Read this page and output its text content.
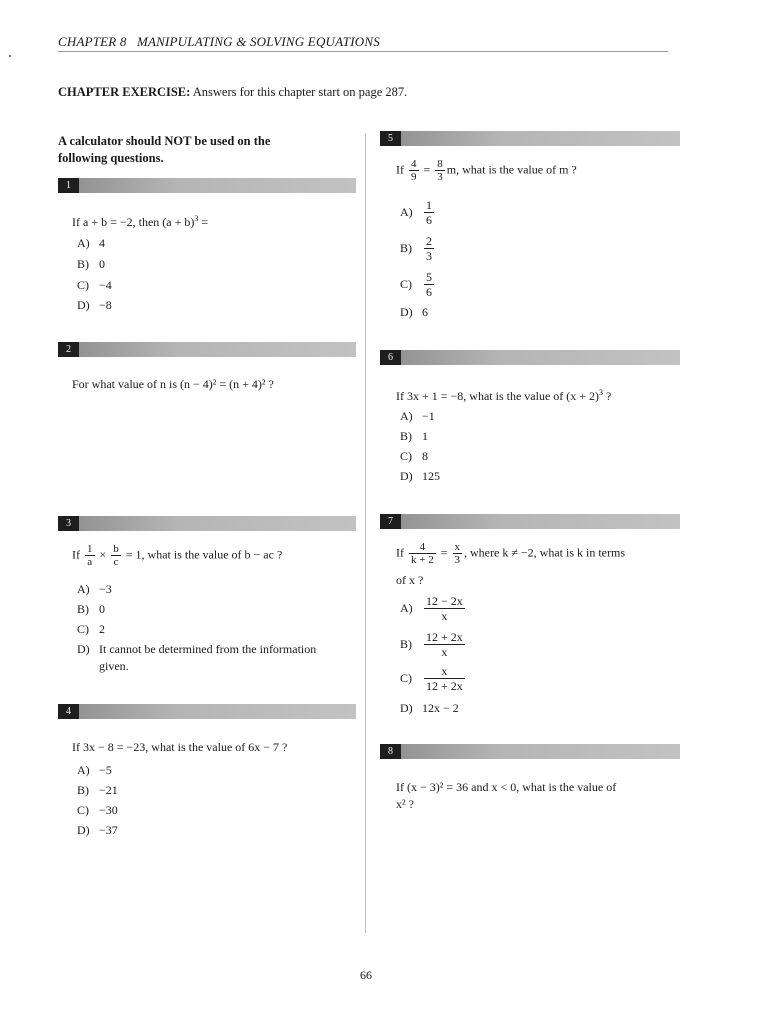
CHAPTER 8 MANIPULATING & SOLVING EQUATIONS
CHAPTER EXERCISE: Answers for this chapter start on page 287.
A calculator should NOT be used on the following questions.
1
If a + b = −2, then $(a + b)^3$ =
A) 4
B) 0
C) −4
D) −8
2
For what value of n is (n − 4)² = (n + 4)² ?
3
If $\frac{1}{a} \times \frac{b}{c} = 1$, what is the value of b − ac ?
A) −3
B) 0
C) 2
D) It cannot be determined from the information given.
4
If 3x − 8 = −23, what is the value of 6x − 7 ?
A) −5
B) −21
C) −30
D) −37
5
If $\frac{4}{9} = \frac{8}{3} m$, what is the value of m ?
$A) \frac{1}{6}$
$B) \frac{2}{3}$
$C) \frac{5}{6}$
D) 6
6
If 3x + 1 = −8, what is the value of $(x + 2)^3$ ?
A) −1
B) 1
C) 8
D) 125
7
If $\frac{4}{k + 2} = \frac{x}{3}$ , where k ≠ −2, what is k in terms
of x ?
$A) \frac{12 - 2x}{x}$
$B) \frac{12 + 2x}{x}$
$C) \frac{x}{12 + 2x}$
D) 12x − 2
8
If (x − 3)² = 36 and x < 0, what is the value of
x² ?
66
